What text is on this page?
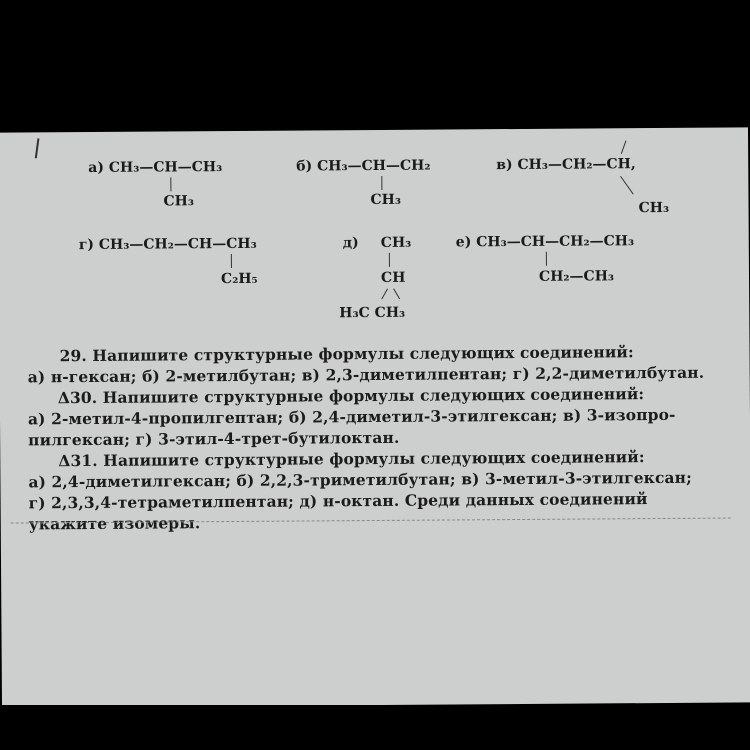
а) CH₃—CH—CH₃
CH₃
б) CH₃—CH—CH₂
CH₃
в) CH₃—CH₂—CH,
CH₃
г) CH₃—CH₂—CH—CH₃
C₂H₅
д) CH₃
CH
H₃C CH₃
е) CH₃—CH—CH₂—CH₃
CH₂—CH₃
29. Напишите структурные формулы следующих соединений:
а) н-гексан; б) 2-метилбутан; в) 2,3-диметилпентан; г) 2,2-диметилбутан.
Δ30. Напишите структурные формулы следующих соединений:
а) 2-метил-4-пропилгептан; б) 2,4-диметил-3-этилгексан; в) 3-изопро-
пилгексан; г) 3-этил-4-трет-бутилоктан.
Δ31. Напишите структурные формулы следующих соединений:
а) 2,4-диметилгексан; б) 2,2,3-триметилбутан; в) 3-метил-3-этилгексан;
г) 2,3,3,4-тетраметилпентан; д) н-октан. Среди данных соединений
укажите изомеры.
